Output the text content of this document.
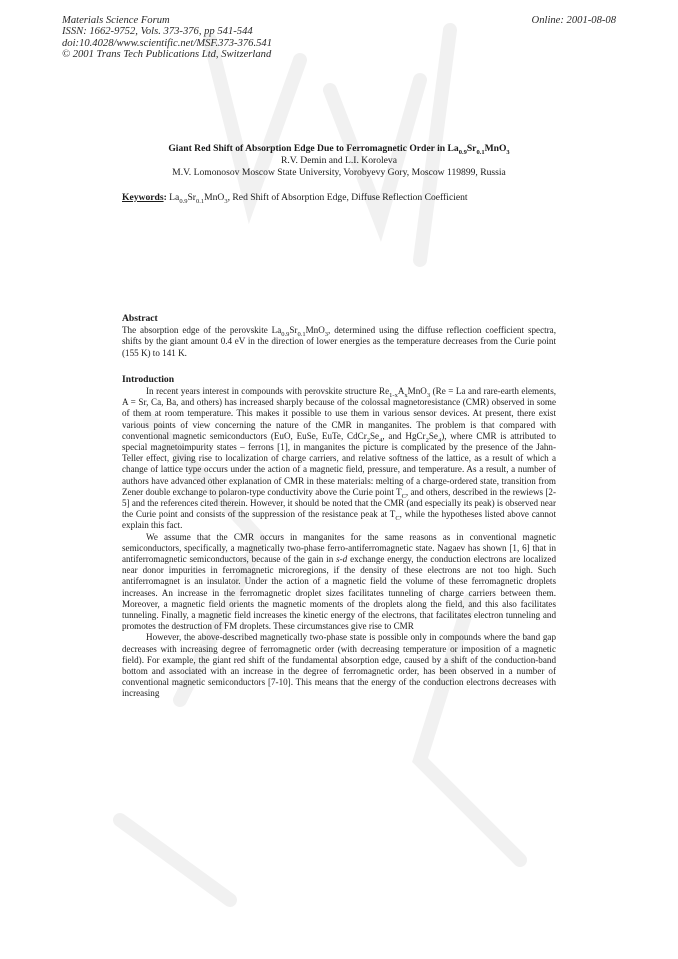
Materials Science Forum
ISSN: 1662-9752, Vols. 373-376, pp 541-544
doi:10.4028/www.scientific.net/MSF.373-376.541
© 2001 Trans Tech Publications Ltd, Switzerland
Online: 2001-08-08
Giant Red Shift of Absorption Edge Due to Ferromagnetic Order in $La_{0.9}Sr_{0.1}MnO_3$
R.V. Demin and L.I. Koroleva
M.V. Lomonosov Moscow State University, Vorobyevy Gory, Moscow 119899, Russia
Keywords: $La_{0.9}Sr_{0.1}MnO_3$, Red Shift of Absorption Edge, Diffuse Reflection Coefficient
Abstract

The absorption edge of the perovskite $La_{0.9}Sr_{0.1}MnO_3$, determined using the diffuse reflection coefficient spectra, shifts by the giant amount 0.4 eV in the direction of lower energies as the temperature decreases from the Curie point (155 K) to 141 K.

Introduction

In recent years interest in compounds with perovskite structure $Re_{1-x}A_xMnO_3$ (Re = La and rare-earth elements, A = Sr, Ca, Ba, and others) has increased sharply because of the colossal magnetoresistance (CMR) observed in some of them at room temperature. This makes it possible to use them in various sensor devices. At present, there exist various points of view concerning the nature of the CMR in manganites. The problem is that compared with conventional magnetic semiconductors (EuO, EuSe, EuTe, $CdCr_2Se_4$, and $HgCr_2Se_4$), where CMR is attributed to special magnetoimpurity states – ferrons [1], in manganites the picture is complicated by the presence of the Jahn-Teller effect, giving rise to localization of charge carriers, and relative softness of the lattice, as a result of which a change of lattice type occurs under the action of a magnetic field, pressure, and temperature. As a result, a number of authors have advanced other explanation of CMR in these materials: melting of a charge-ordered state, transition from Zener double exchange to polaron-type conductivity above the Curie point $T_C$, and others, described in the rewiews [2-5] and the references cited therein. However, it should be noted that the CMR (and especially its peak) is observed near the Curie point and consists of the suppression of the resistance peak at $T_C$, while the hypotheses listed above cannot explain this fact.

We assume that the CMR occurs in manganites for the same reasons as in conventional magnetic semiconductors, specifically, a magnetically two-phase ferro-antiferromagnetic state. Nagaev has shown [1, 6] that in antiferromagnetic semiconductors, because of the gain in s-d exchange energy, the conduction electrons are localized near donor impurities in ferromagnetic microregions, if the density of these electrons are not too high. Such antiferromagnet is an insulator. Under the action of a magnetic field the volume of these ferromagnetic droplets increases. An increase in the ferromagnetic droplet sizes facilitates tunneling of charge carriers between them. Moreover, a magnetic field orients the magnetic moments of the droplets along the field, and this also facilitates tunneling. Finally, a magnetic field increases the kinetic energy of the electrons, that facilitates electron tunneling and promotes the destruction of FM droplets. These circumstances give rise to CMR

However, the above-described magnetically two-phase state is possible only in compounds where the band gap decreases with increasing degree of ferromagnetic order (with decreasing temperature or imposition of a magnetic field). For example, the giant red shift of the fundamental absorption edge, caused by a shift of the conduction-band bottom and associated with an increase in the degree of ferromagnetic order, has been observed in a number of conventional magnetic semiconductors [7-10]. This means that the energy of the conduction electrons decreases with increasing
